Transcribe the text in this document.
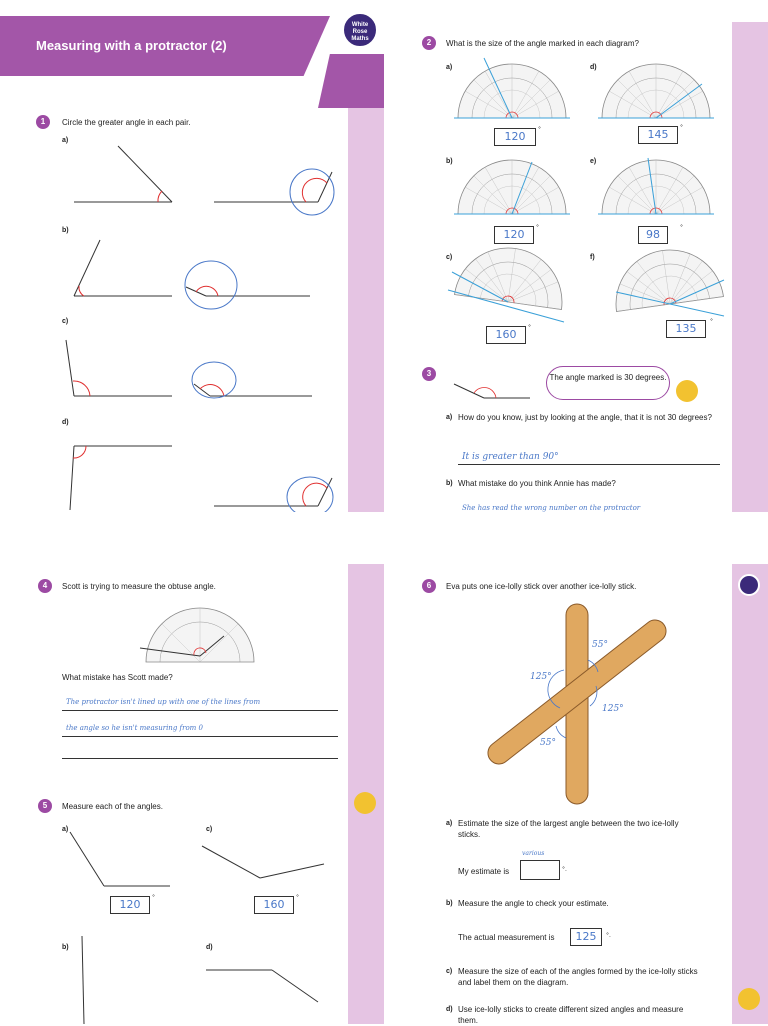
Measuring with a protractor (2)
White
Rose
Maths
1	Circle the greater angle in each pair.
a)
b)
c)
d)
2	What is the size of the angle marked in each diagram?
a)
b)
c)
d)
e)
f)
120
°	145
°
120
°
98
°
160
°	135
°
3	The angle marked is 30 degrees.
a) How do you know, just by looking at the angle, that it is not 30 degrees?
It is greater than 90°
b) What mistake do you think Annie has made?
She has read the wrong number on the protractor
4	Scott is trying to measure the obtuse angle.
What mistake has Scott made?
The protractor isn't lined up with one of the lines from
the angle so he isn't measuring from 0
5	Measure each of the angles.
a)
b)
c)
d)
120
°
160
°
6	Eva puts one ice-lolly stick over another ice-lolly stick.
55°
125°
125°
55°
a) Estimate the size of the largest angle between the two ice-lolly sticks.
various
My estimate is	°.
b) Measure the angle to check your estimate.
The actual measurement is	125	°.
c) Measure the size of each of the angles formed by the ice-lolly sticks and label them on the diagram.
d) Use ice-lolly sticks to create different sized angles and measure them.
